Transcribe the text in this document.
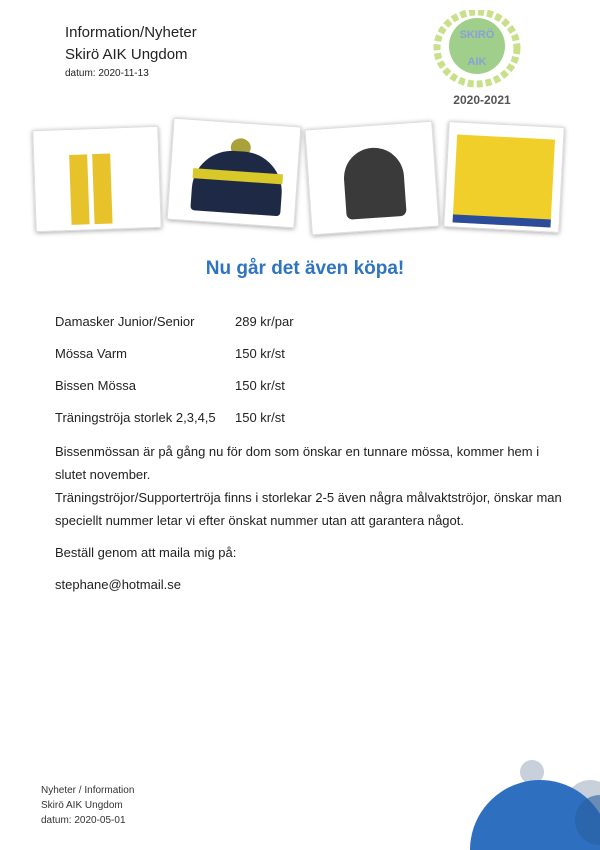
Information/Nyheter
Skirö AIK Ungdom
datum: 2020-11-13
SKIRÖ
AIK
2020-2021
Nu går det även köpa!
Damasker Junior/Senior	289 kr/par
Mössa Varm	150 kr/st
Bissen Mössa	150 kr/st
Träningströja storlek 2,3,4,5 150 kr/st
Bissenmössan är på gång nu för dom som önskar en tunnare mössa, kommer hem i slutet november.
Träningströjor/Supportertröja finns i storlekar 2-5 även några målvaktströjor, önskar man speciellt nummer letar vi efter önskat nummer utan att garantera något.
Beställ genom att maila mig på:
stephane@hotmail.se
Nyheter / Information
Skirö AIK Ungdom
datum: 2020-05-01
